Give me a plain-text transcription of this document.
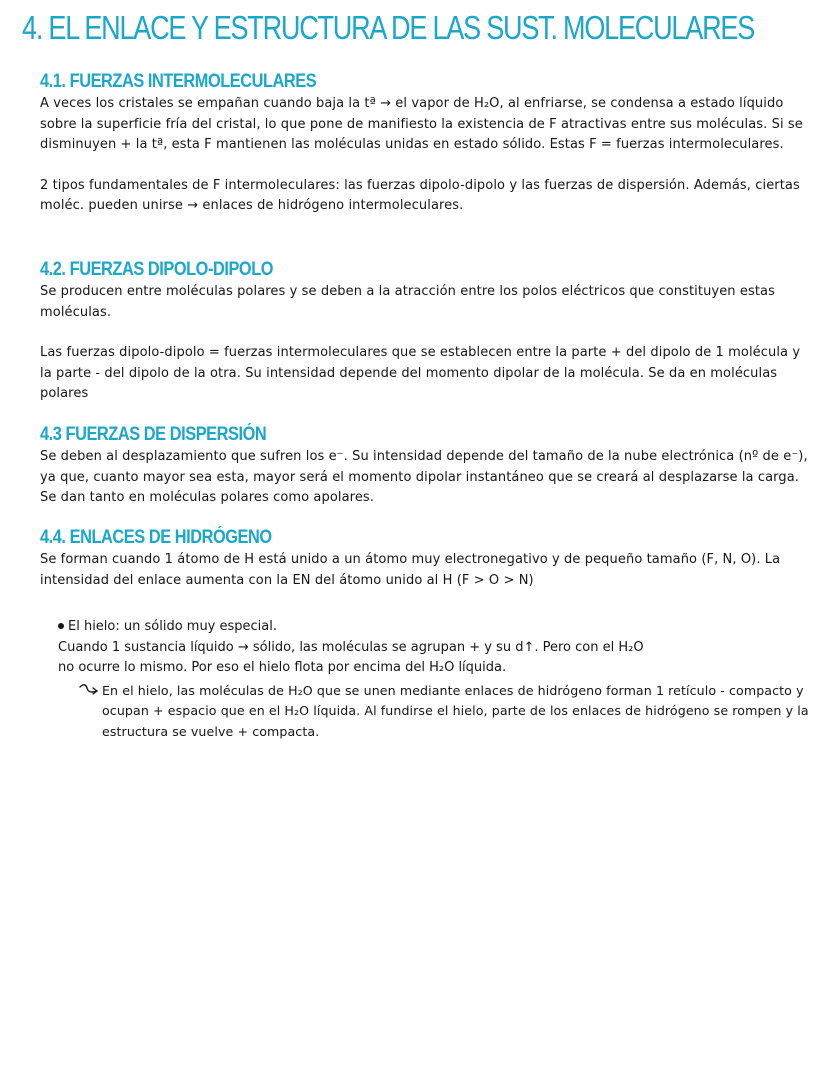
4. EL ENLACE Y ESTRUCTURA DE LAS SUST. MOLECULARES
4.1. FUERZAS INTERMOLECULARES

A veces los cristales se empañan cuando baja la tª → el vapor de H₂O, al enfriarse, se condensa a estado líquido sobre la superficie fría del cristal, lo que pone de manifiesto la existencia de F atractivas entre sus moléculas. Si se disminuyen + la tª, esta F mantienen las moléculas unidas en estado sólido. Estas F = fuerzas intermoleculares.

2 tipos fundamentales de F intermoleculares: las fuerzas dipolo-dipolo y las fuerzas de dispersión. Además, ciertas moléc. pueden unirse → enlaces de hidrógeno intermoleculares.

4.2. FUERZAS DIPOLO-DIPOLO

Se producen entre moléculas polares y se deben a la atracción entre los polos eléctricos que constituyen estas moléculas.

Las fuerzas dipolo-dipolo = fuerzas intermoleculares que se establecen entre la parte + del dipolo de 1 molécula y la parte - del dipolo de la otra. Su intensidad depende del momento dipolar de la molécula. Se da en moléculas polares

4.3 FUERZAS DE DISPERSIÓN

Se deben al desplazamiento que sufren los e⁻. Su intensidad depende del tamaño de la nube electrónica (nº de e⁻), ya que, cuanto mayor sea esta, mayor será el momento dipolar instantáneo que se creará al desplazarse la carga. Se dan tanto en moléculas polares como apolares.

4.4. ENLACES DE HIDRÓGENO

Se forman cuando 1 átomo de H está unido a un átomo muy electronegativo y de pequeño tamaño (F, N, O). La intensidad del enlace aumenta con la EN del átomo unido al H (F > O > N)

El hielo: un sólido muy especial.
Cuando 1 sustancia líquido → sólido, las moléculas se agrupan + y su d↑. Pero con el H₂O
no ocurre lo mismo. Por eso el hielo flota por encima del H₂O líquida.

En el hielo, las moléculas de H₂O que se unen mediante enlaces de hidrógeno forman 1 retículo - compacto y ocupan + espacio que en el H₂O líquida. Al fundirse el hielo, parte de los enlaces de hidrógeno se rompen y la estructura se vuelve + compacta.
